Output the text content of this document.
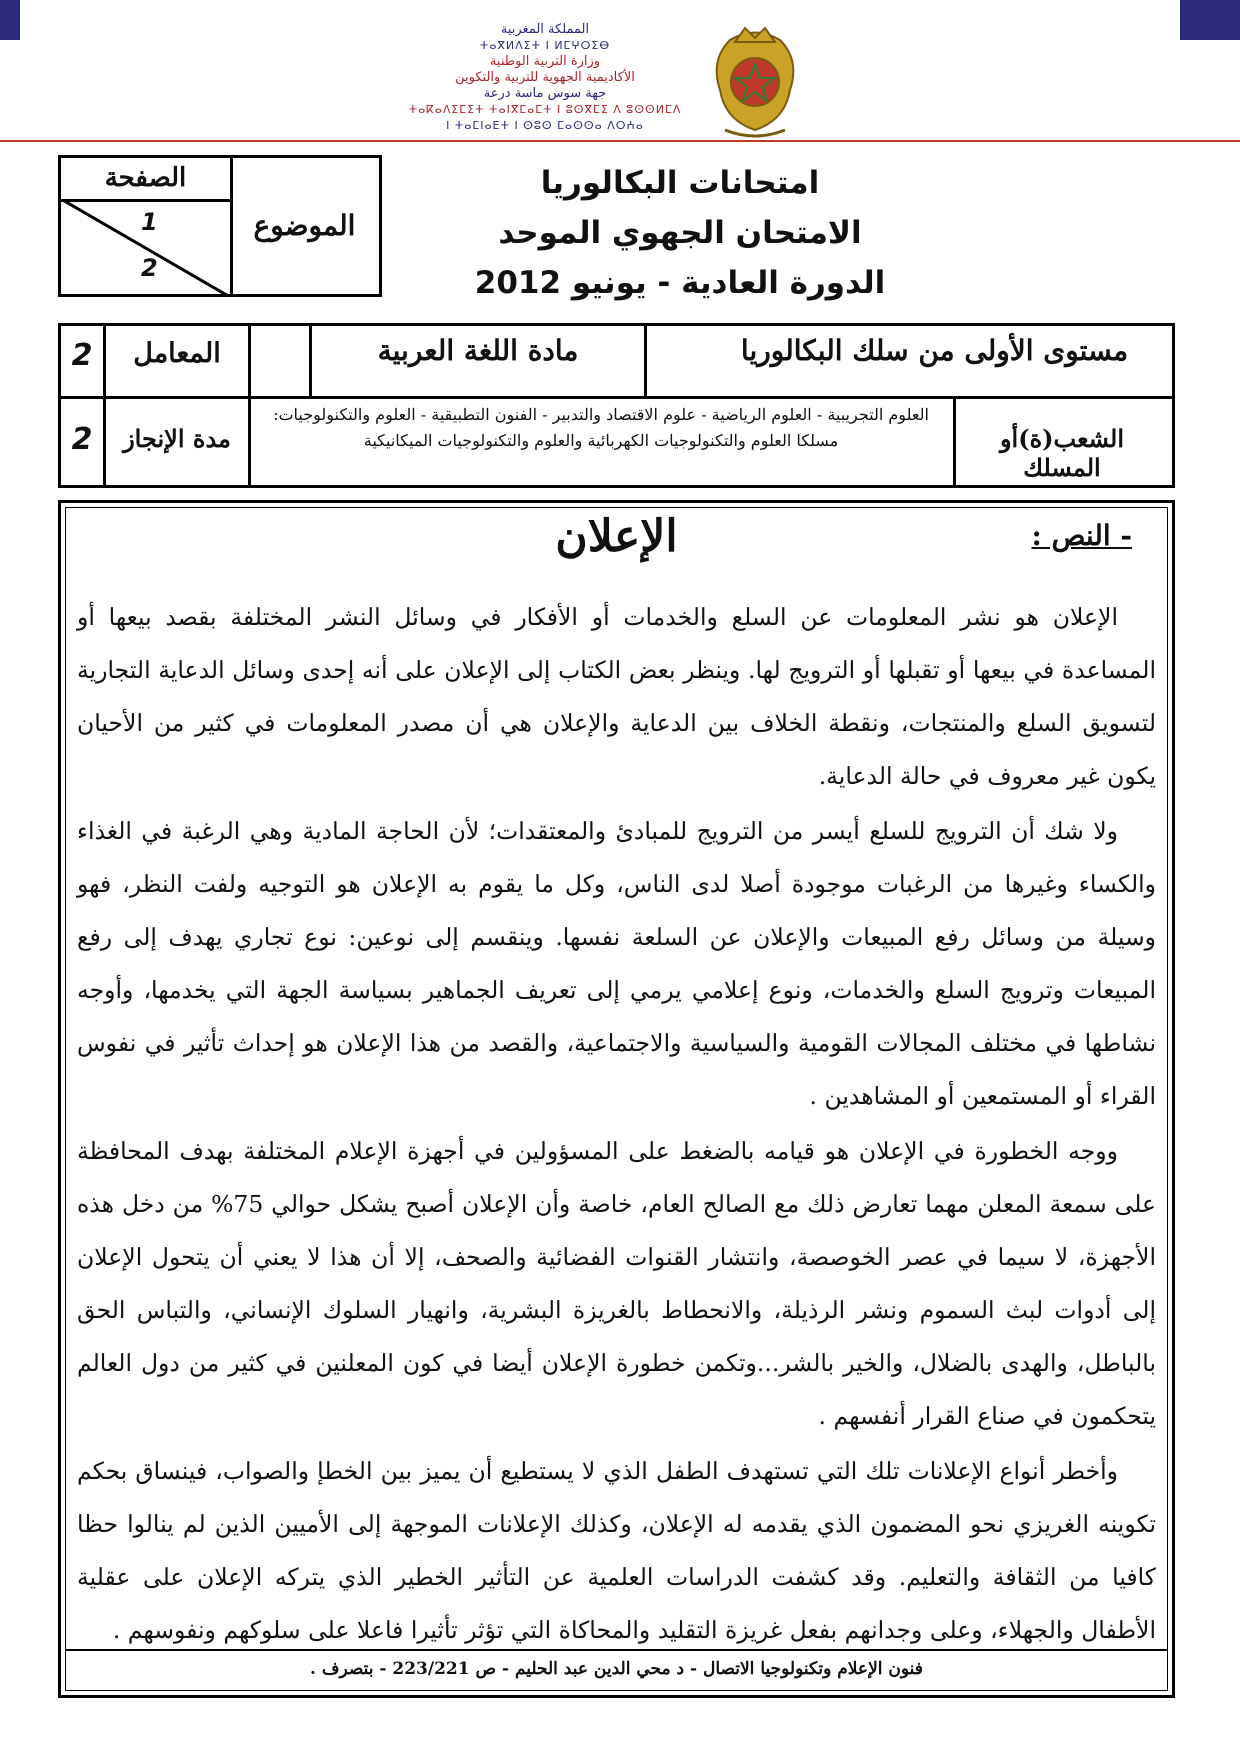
المملكة المغربية
ⵜⴰⴳⵍⴷⵉⵜ ⵏ ⵍⵎⵖⵔⵉⴱ
وزارة التربية الوطنية
الأكاديمية الجهوية للتربية والتكوين
جهة سوس ماسة درعة
ⵜⴰⴽⴰⴷⵉⵎⵉⵜ ⵜⴰⵏⴳⵎⴰⵎⵜ ⵏ ⵓⵙⴳⵎⵉ ⴷ ⵓⵙⵙⵍⵎⴷ
ⵏ ⵜⴰⵎⵏⴰⴹⵜ ⵏ ⵙⵓⵙ ⵎⴰⵙⵙⴰ ⴷⵔⵄⴰ
الصفحة
1
2
الموضوع
امتحانات البكالوريا
الامتحان الجهوي الموحد
الدورة العادية - يونيو 2012
مستوى الأولى من سلك البكالوريا
مادة اللغة العربية
المعامل
2
الشعب(ة)أو المسلك
العلوم التجريبية - العلوم الرياضية - علوم الاقتصاد والتدبير - الفنون التطبيقية - العلوم والتكنولوجيات: مسلكا العلوم والتكنولوجيات الكهربائية والعلوم والتكنولوجيات الميكانيكية
مدة الإنجاز
2
- النص :
الإعلان

الإعلان هو نشر المعلومات عن السلع والخدمات أو الأفكار في وسائل النشر المختلفة بقصد بيعها أو المساعدة في بيعها أو تقبلها أو الترويج لها. وينظر بعض الكتاب إلى الإعلان على أنه إحدى وسائل الدعاية التجارية لتسويق السلع والمنتجات، ونقطة الخلاف بين الدعاية والإعلان هي أن مصدر المعلومات في كثير من الأحيان يكون غير معروف في حالة الدعاية.

ولا شك أن الترويج للسلع أيسر من الترويج للمبادئ والمعتقدات؛ لأن الحاجة المادية وهي الرغبة في الغذاء والكساء وغيرها من الرغبات موجودة أصلا لدى الناس، وكل ما يقوم به الإعلان هو التوجيه ولفت النظر، فهو وسيلة من وسائل رفع المبيعات والإعلان عن السلعة نفسها. وينقسم إلى نوعين: نوع تجاري يهدف إلى رفع المبيعات وترويج السلع والخدمات، ونوع إعلامي يرمي إلى تعريف الجماهير بسياسة الجهة التي يخدمها، وأوجه نشاطها في مختلف المجالات القومية والسياسية والاجتماعية، والقصد من هذا الإعلان هو إحداث تأثير في نفوس القراء أو المستمعين أو المشاهدين .

ووجه الخطورة في الإعلان هو قيامه بالضغط على المسؤولين في أجهزة الإعلام المختلفة بهدف المحافظة على سمعة المعلن مهما تعارض ذلك مع الصالح العام، خاصة وأن الإعلان أصبح يشكل حوالي 75% من دخل هذه الأجهزة، لا سيما في عصر الخوصصة، وانتشار القنوات الفضائية والصحف، إلا أن هذا لا يعني أن يتحول الإعلان إلى أدوات لبث السموم ونشر الرذيلة، والانحطاط بالغريزة البشرية، وانهيار السلوك الإنساني، والتباس الحق بالباطل، والهدى بالضلال، والخير بالشر...وتكمن خطورة الإعلان أيضا في كون المعلنين في كثير من دول العالم يتحكمون في صناع القرار أنفسهم .

وأخطر أنواع الإعلانات تلك التي تستهدف الطفل الذي لا يستطيع أن يميز بين الخطإ والصواب، فينساق بحكم تكوينه الغريزي نحو المضمون الذي يقدمه له الإعلان، وكذلك الإعلانات الموجهة إلى الأميين الذين لم ينالوا حظا كافيا من الثقافة والتعليم. وقد كشفت الدراسات العلمية عن التأثير الخطير الذي يتركه الإعلان على عقلية الأطفال والجهلاء، وعلى وجدانهم بفعل غريزة التقليد والمحاكاة التي تؤثر تأثيرا فاعلا على سلوكهم ونفوسهم .

فنون الإعلام وتكنولوجيا الاتصال - د محي الدين عبد الحليم - ص 223/221 - بتصرف .
